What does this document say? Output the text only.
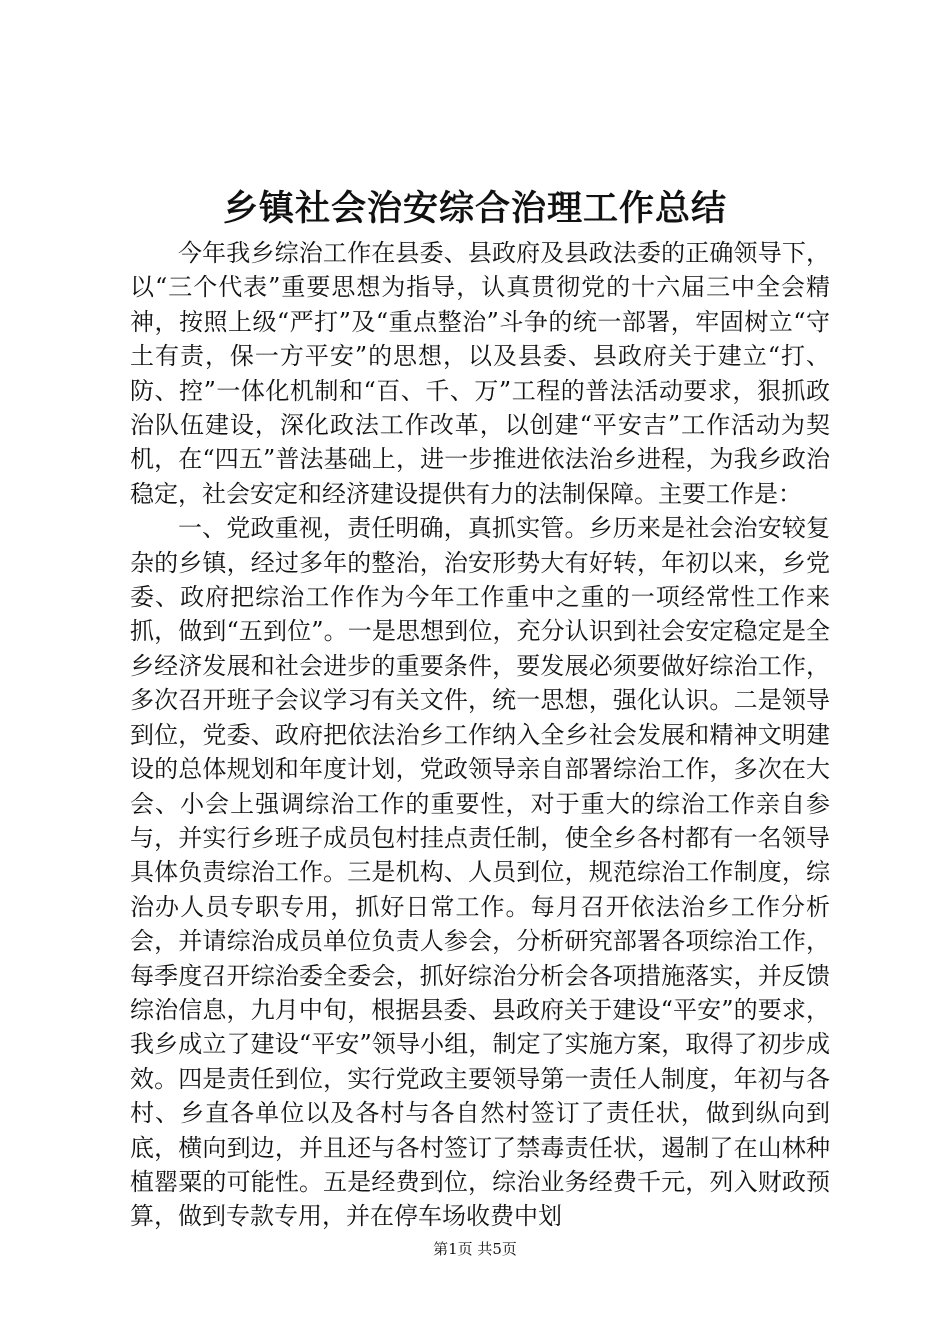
乡镇社会治安综合治理工作总结

今年我乡综治工作在县委、县政府及县政法委的正确领导下，以“三个代表”重要思想为指导，认真贯彻党的十六届三中全会精神，按照上级“严打”及“重点整治”斗争的统一部署，牢固树立“守土有责，保一方平安”的思想，以及县委、县政府关于建立“打、防、控”一体化机制和“百、千、万”工程的普法活动要求，狠抓政治队伍建设，深化政法工作改革，以创建“平安吉”工作活动为契机，在“四五”普法基础上，进一步推进依法治乡进程，为我乡政治稳定，社会安定和经济建设提供有力的法制保障。主要工作是：

一、党政重视，责任明确，真抓实管。乡历来是社会治安较复杂的乡镇，经过多年的整治，治安形势大有好转，年初以来，乡党委、政府把综治工作作为今年工作重中之重的一项经常性工作来抓，做到“五到位”。一是思想到位，充分认识到社会安定稳定是全乡经济发展和社会进步的重要条件，要发展必须要做好综治工作，多次召开班子会议学习有关文件，统一思想，强化认识。二是领导到位，党委、政府把依法治乡工作纳入全乡社会发展和精神文明建设的总体规划和年度计划，党政领导亲自部署综治工作，多次在大会、小会上强调综治工作的重要性，对于重大的综治工作亲自参与，并实行乡班子成员包村挂点责任制，使全乡各村都有一名领导具体负责综治工作。三是机构、人员到位，规范综治工作制度，综治办人员专职专用，抓好日常工作。每月召开依法治乡工作分析会，并请综治成员单位负责人参会，分析研究部署各项综治工作，每季度召开综治委全委会，抓好综治分析会各项措施落实，并反馈综治信息，九月中旬，根据县委、县政府关于建设“平安”的要求，我乡成立了建设“平安”领导小组，制定了实施方案，取得了初步成效。四是责任到位，实行党政主要领导第一责任人制度，年初与各村、乡直各单位以及各村与各自然村签订了责任状，做到纵向到底，横向到边，并且还与各村签订了禁毒责任状，遏制了在山林种植罂粟的可能性。五是经费到位，综治业务经费千元，列入财政预算，做到专款专用，并在停车场收费中划

第1页 共5页
